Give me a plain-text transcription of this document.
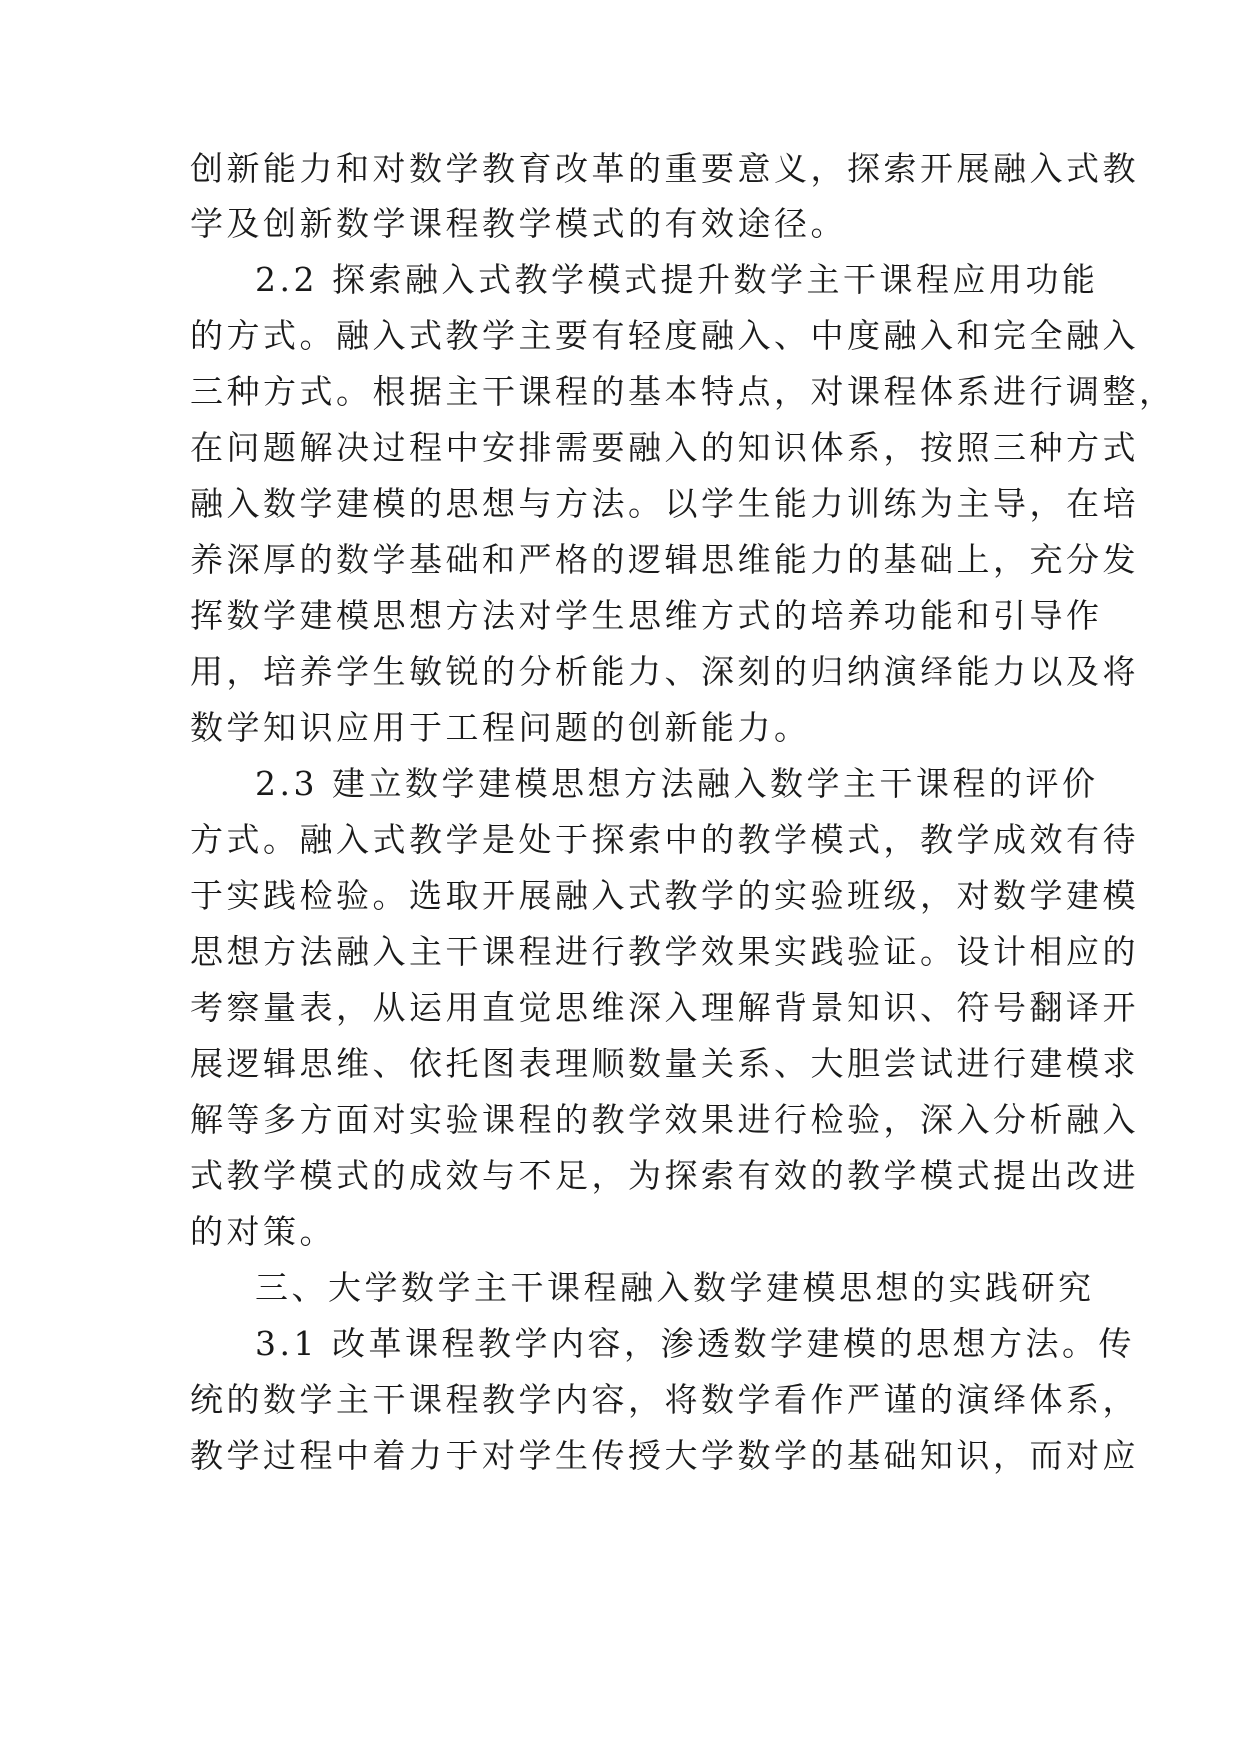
创新能力和对数学教育改革的重要意义，探索开展融入式教
学及创新数学课程教学模式的有效途径。
2.2 探索融入式教学模式提升数学主干课程应用功能
的方式。融入式教学主要有轻度融入、中度融入和完全融入
三种方式。根据主干课程的基本特点，对课程体系进行调整，
在问题解决过程中安排需要融入的知识体系，按照三种方式
融入数学建模的思想与方法。以学生能力训练为主导，在培
养深厚的数学基础和严格的逻辑思维能力的基础上，充分发
挥数学建模思想方法对学生思维方式的培养功能和引导作
用，培养学生敏锐的分析能力、深刻的归纳演绎能力以及将
数学知识应用于工程问题的创新能力。
2.3 建立数学建模思想方法融入数学主干课程的评价
方式。融入式教学是处于探索中的教学模式，教学成效有待
于实践检验。选取开展融入式教学的实验班级，对数学建模
思想方法融入主干课程进行教学效果实践验证。设计相应的
考察量表，从运用直觉思维深入理解背景知识、符号翻译开
展逻辑思维、依托图表理顺数量关系、大胆尝试进行建模求
解等多方面对实验课程的教学效果进行检验，深入分析融入
式教学模式的成效与不足，为探索有效的教学模式提出改进
的对策。
三、大学数学主干课程融入数学建模思想的实践研究
3.1 改革课程教学内容，渗透数学建模的思想方法。传
统的数学主干课程教学内容，将数学看作严谨的演绎体系，
教学过程中着力于对学生传授大学数学的基础知识，而对应
